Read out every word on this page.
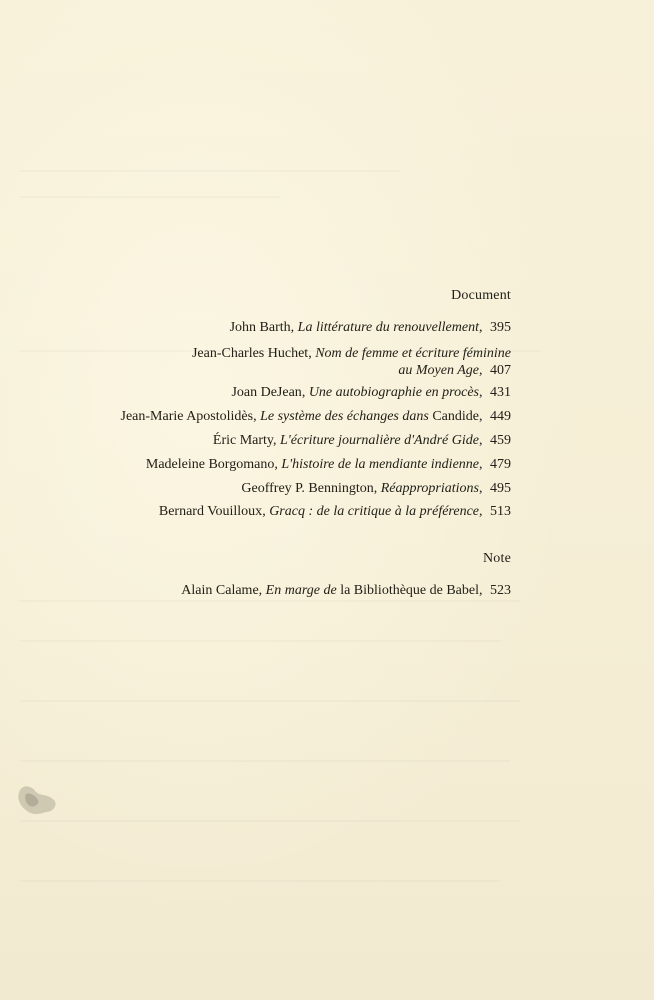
Document
John Barth, La littérature du renouvellement, 395
Jean-Charles Huchet, Nom de femme et écriture féminine
au Moyen Age, 407
Joan DeJean, Une autobiographie en procès, 431
Jean-Marie Apostolidès, Le système des échanges dans Candide, 449
Éric Marty, L'écriture journalière d'André Gide, 459
Madeleine Borgomano, L'histoire de la mendiante indienne, 479
Geoffrey P. Bennington, Réappropriations, 495
Bernard Vouilloux, Gracq : de la critique à la préférence, 513
Note
Alain Calame, En marge de la Bibliothèque de Babel, 523
